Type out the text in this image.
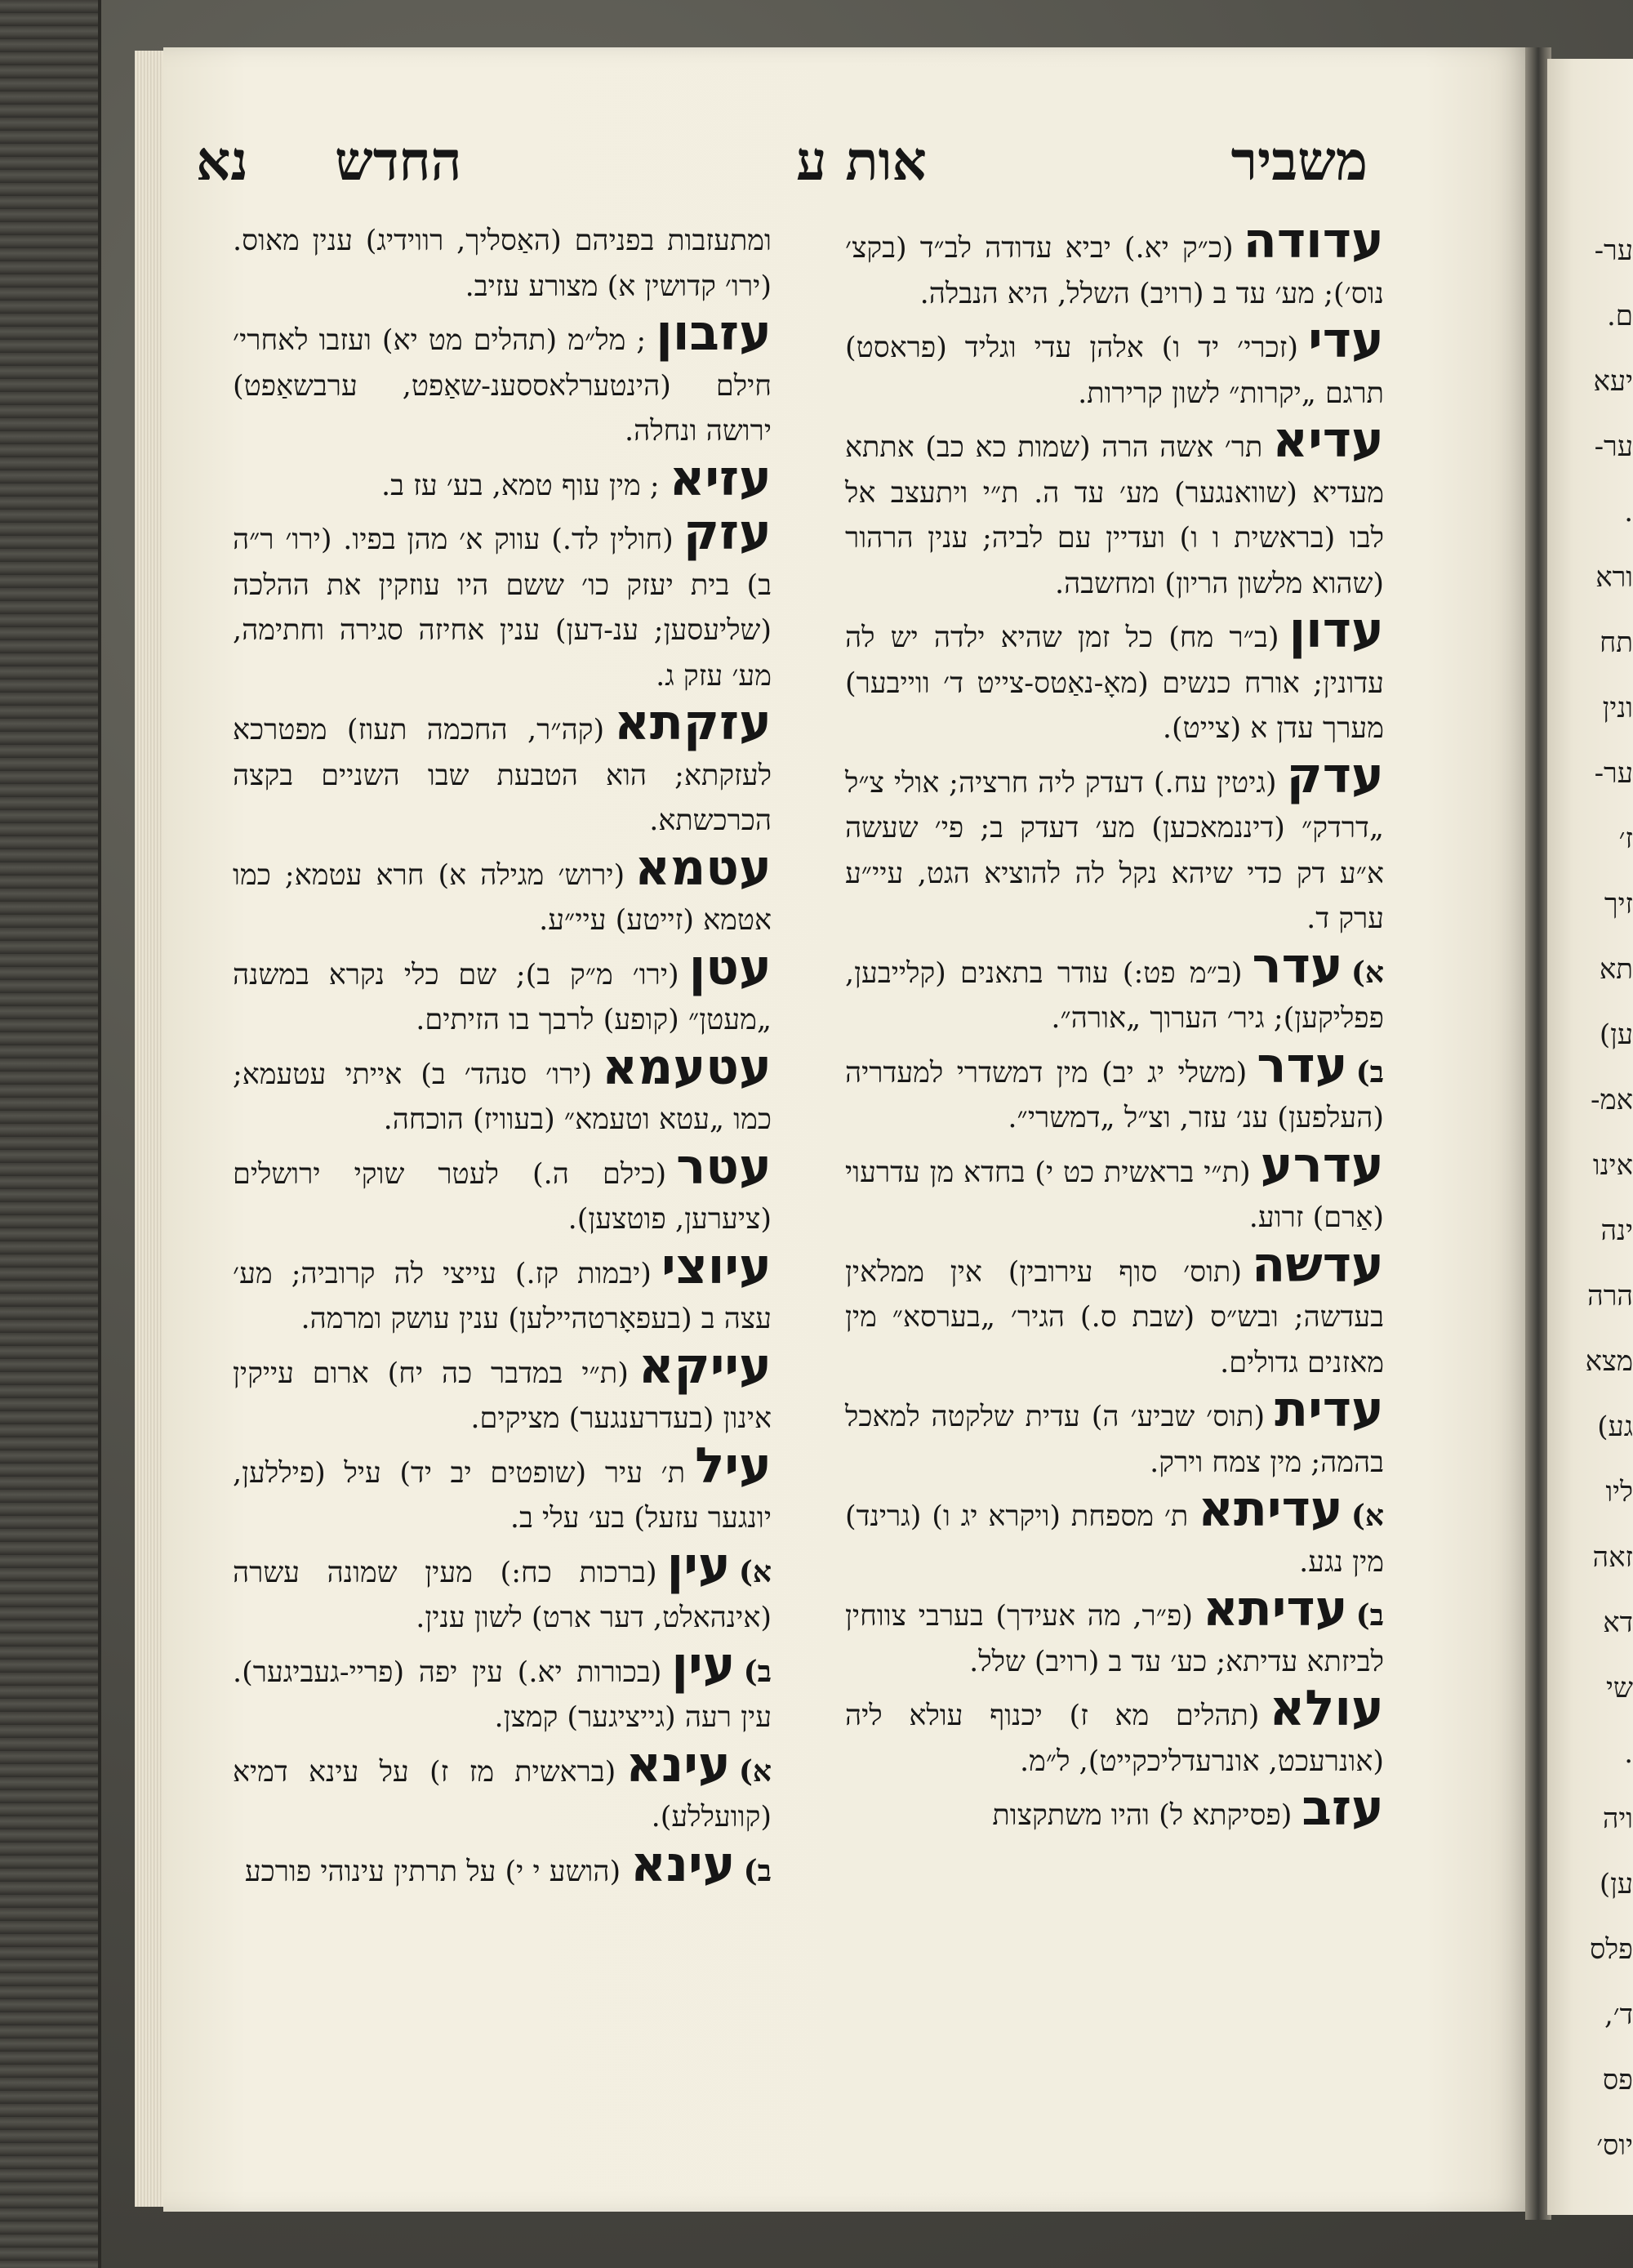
משביר
אות ע
החדש
נא
עדודה(כ״ק יא.) יביא עדודה לב״ד (בקצ׳ נוס׳); מע׳ עד ב (רויב) השלל, היא הנבלה.
עדי(זכרי׳ יד ו) אלהן עדי וגליד (פראסט) תרגם „יקרות״ לשון קרירות.
עדיאתר׳ אשה הרה (שמות כא כב) אתתא מעדיא (שוואנגער) מע׳ עד ה. ת״י ויתעצב אל לבו (בראשית ו ו) ועדיין עם לביה; ענין הרהור (שהוא מלשון הריון) ומחשבה.
עדון(ב״ר מח) כל זמן שהיא ילדה יש לה עדונין; אורח כנשים (מאָ-נאַטס-צייט ד׳ ווייבער) מערך עדן א (צייט).
עדק(גיטין עח.) דעדק ליה חרציה; אולי צ״ל „דרדק״ (דיננמאכען) מע׳ דעדק ב; פי׳ שעשה א״ע דק כדי שיהא נקל לה להוציא הגט, עיי״ע ערק ד.
א)עדר(ב״מ פט:) עודר בתאנים (קלייבען, פפליקען); גיר׳ הערוך „אורה״.
ב)עדר(משלי יג יב) מין דמשדרי למעדריה (העלפען) ענ׳ עזר, וצ״ל „דמשרי״.
עדרע(ת״י בראשית כט י) בחדא מן עדרעוי (אַרם) זרוע.
עדשה(תוס׳ סוף עירובין) אין ממלאין בעדשה; ובש״ס (שבת ס.) הגיר׳ „בערסא״ מין מאזנים גדולים.
עדית(תוס׳ שביע׳ ה) עדית שלקטה למאכל בהמה; מין צמח וירק.
א)עדיתאת׳ מספחת (ויקרא יג ו) (גרינד) מין נגע.
ב)עדיתא(פ״ר, מה אעידך) בערבי צווחין לביזתא עדיתא; כע׳ עד ב (רויב) שלל.
עולא(תהלים מא ז) יכנוף עולא ליה (אונרעכט, אונרעדליכקייט), ל״מ.
עזב(פסיקתא ל) והיו משתקצות
ומתעזבות בפניהם (האַסליך, רווידיג) ענין מאוס. (ירו׳ קדושין א) מצורע עזיב.
עזבון; מל״מ (תהלים מט יא) ועזבו לאחרי׳ חילם (הינטערלאססענ-שאַפט, ערבשאַפט) ירושה ונחלה.
עזיא; מין עוף טמא, בע׳ עז ב.
עזק(חולין לד.) עווק א׳ מהן בפיו. (ירו׳ ר״ה ב) בית יעזק כו׳ ששם היו עוזקין את ההלכה (שליעסען; ענ-דען) ענין אחיזה סגירה וחתימה, מע׳ עזק ג.
עזקתא(קה״ר, החכמה תעוז) מפטרכא לעזקתא; הוא הטבעת שבו השניים בקצה הכרכשתא.
עטמא(ירוש׳ מגילה א) חרא עטמא; כמו אטמא (זייטע) עיי״ע.
עטן(ירו׳ מ״ק ב); שם כלי נקרא במשנה „מעטן״ (קופע) לרבך בו הזיתים.
עטעמא(ירו׳ סנהד׳ ב) אייתי עטעמא; כמו „עטא וטעמא״ (בעוויז) הוכחה.
עטר(כילם ה.) לעטר שוקי ירושלים (ציערען, פוטצען).
עיוצי(יבמות קז.) עייצי לה קרוביה; מע׳ עצה ב (בעפאָרטהיילען) ענין עושק ומרמה.
עייקא(ת״י במדבר כה יח) ארום עייקין אינון (בעדרענגער) מציקים.
עילת׳ עיר (שופטים יב יד) עיל (פיללען, יונגער עזעל) בע׳ עלי ב.
א)עין(ברכות כח:) מעין שמונה עשרה (אינהאלט, דער ארט) לשון ענין.
ב)עין(בכורות יא.) עין יפה (פריי-געביגער). עין רעה (גייציגער) קמצן.
א)עינא(בראשית מז ז) על עינא דמיא (קוועללע).
ב)עינא(הושע י י) על תרתין עינוהי פורכע
ער-
ם.
יעא
ער-
.
ורא
תח
ונין
ער-
ז׳
זיך
תא
ען)
אמ-
אינו
ינה
הרה
מצא
גע)
ליו
זאה
דא
שי
.
ויה
ען)
פלס
ד׳,
פס
יוס׳
